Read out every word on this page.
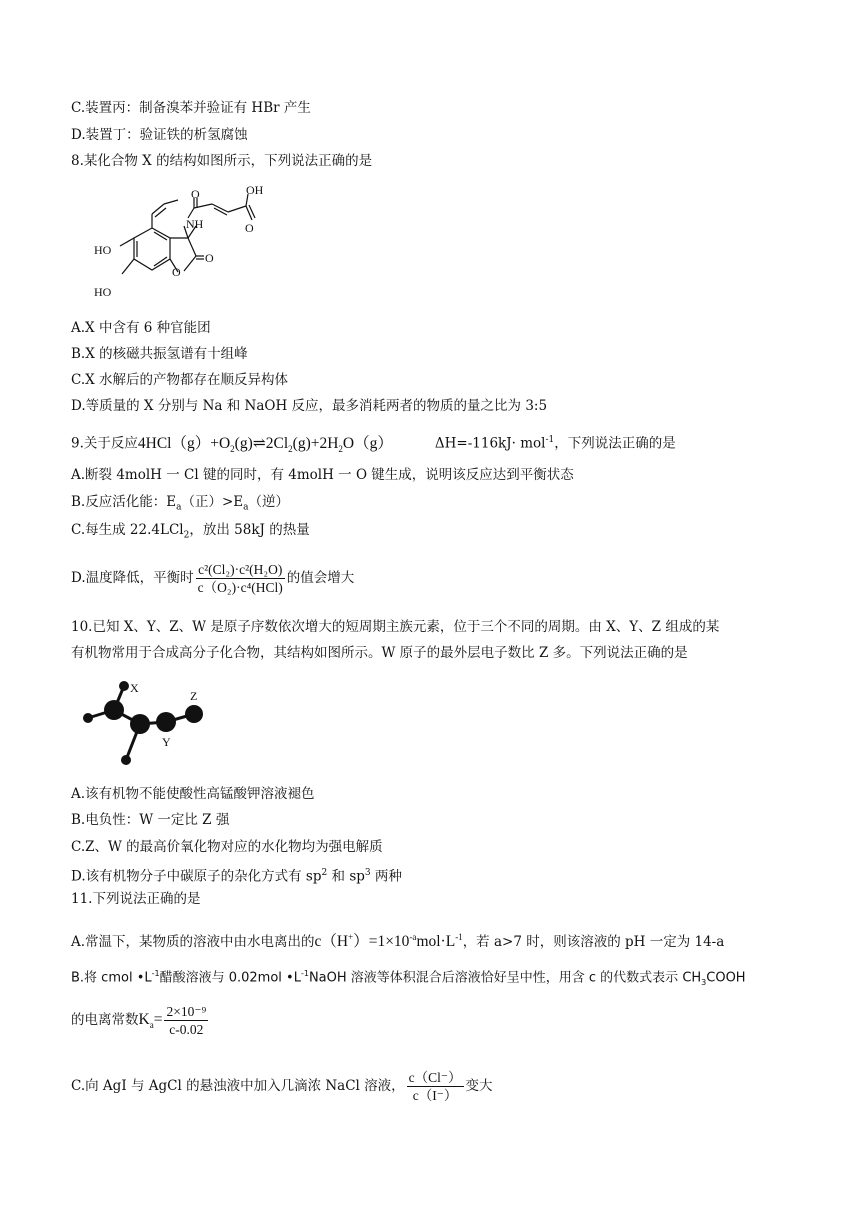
C.装置丙：制备溴苯并验证有 HBr 产生
D.装置丁：验证铁的析氢腐蚀
8.某化合物 X 的结构如图所示，下列说法正确的是
HO
HO
O
O
NH
O
O
OH
A.X 中含有 6 种官能团
B.X 的核磁共振氢谱有十组峰
C.X 水解后的产物都存在顺反异构体
D.等质量的 X 分别与 Na 和 NaOH 反应，最多消耗两者的物质的量之比为 3:5
9.关于反应$4HCl(g)+O_2(g)\rightleftharpoons 2Cl_2(g)+2H_2O(g)$	ΔH=-116kJ· mol$^{-1}$，下列说法正确的是
A.断裂 4molH 一 Cl 键的同时，有 4molH 一 O 键生成，说明该反应达到平衡状态
B.反应活化能：$E_a$（正）$>E_a$（逆）
C.每生成 22.4LCl$_2$，放出 58kJ 的热量
D.温度降低，平衡时 $\frac{\text{c²(Cl₂)·c²(H₂O)}}{\text{c（O₂)·c⁴(HCl)}}$ 的值会增大
10.已知 X、Y、Z、W 是原子序数依次增大的短周期主族元素，位于三个不同的周期。由 X、Y、Z 组成的某
有机物常用于合成高分子化合物，其结构如图所示。W 原子的最外层电子数比 Z 多。下列说法正确的是
X
Y
Z
A.该有机物不能使酸性高锰酸钾溶液褪色
B.电负性：W 一定比 Z 强
C.Z、W 的最高价氧化物对应的水化物均为强电解质
D.该有机物分子中碳原子的杂化方式有 $sp^2$ 和 $sp^3$ 两种
11.下列说法正确的是
A.常温下，某物质的溶液中由水电离出的$c(H^+)=1\times 10^{-a}mol\cdot L^{-1}$，若 a>7 时，则该溶液的 pH 一定为 14-a
B.将 cmol $•L^{-1}$醋酸溶液与 0.02mol $•L^{-1}NaOH$ 溶液等体积混合后溶液恰好呈中性，用含 c 的代数式表示 $CH_3COOH$
的电离常数$K_a= \frac{\text{2×10⁻⁹}}{c-0.02}$
C.向 AgI 与 AgCl 的悬浊液中加入几滴浓 NaCl 溶液， $\frac{c(Cl^-)}{c(I^-)}$ 变大
